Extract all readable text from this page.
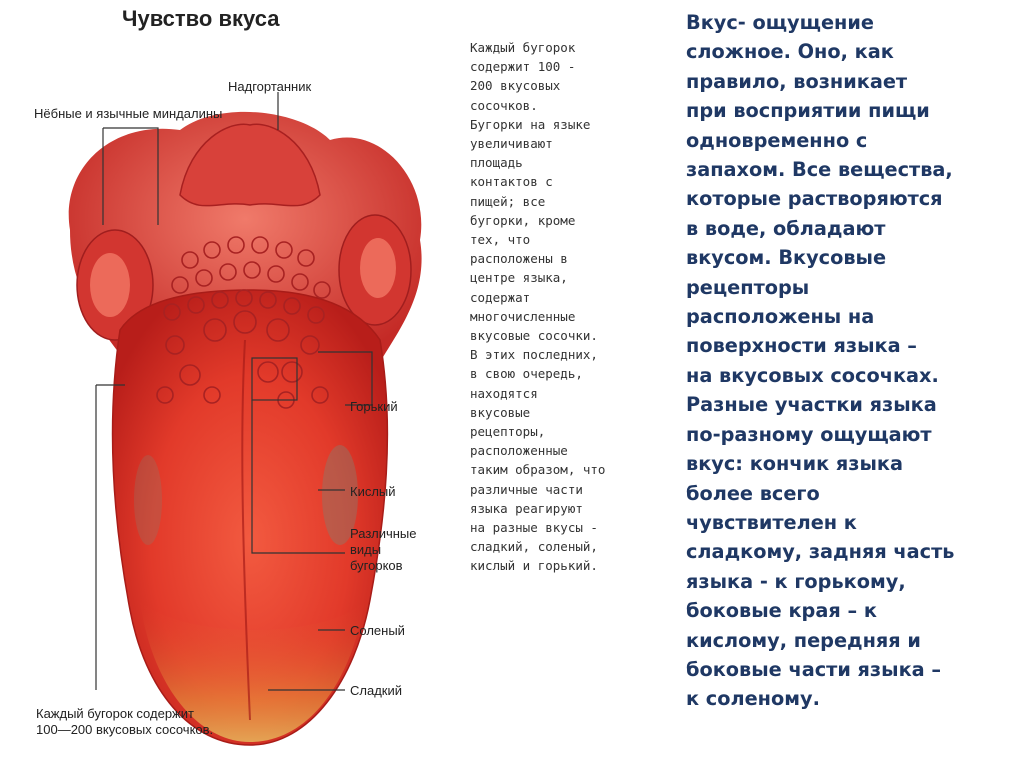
Чувство вкуса
Надгортанник
Нёбные и язычные миндалины
Горький
Кислый
Различные
виды
бугорков
Соленый
Сладкий
Каждый бугорок содержит
100—200 вкусовых сосочков.
Каждый бугорок
содержит 100 -
200 вкусовых
сосочков.
Бугорки на языке
увеличивают
площадь
контактов с
пищей; все
бугорки, кроме
тех, что
расположены в
центре языка,
содержат
многочисленные
вкусовые сосочки.
В этих последних,
в свою очередь,
находятся
вкусовые
рецепторы,
расположенные
таким образом, что
различные части
языка реагируют
на разные вкусы -
сладкий, соленый,
кислый и горький.
Вкус- ощущение
сложное. Оно, как
правило, возникает
при восприятии пищи
одновременно с
запахом. Все вещества,
которые растворяются
в воде, обладают
вкусом. Вкусовые
рецепторы
расположены на
поверхности языка –
на вкусовых сосочках.
Разные участки языка
по-разному ощущают
вкус: кончик языка
более всего
чувствителен к
сладкому, задняя часть
языка - к горькому,
боковые края – к
кислому, передняя и
боковые части языка –
к соленому.
